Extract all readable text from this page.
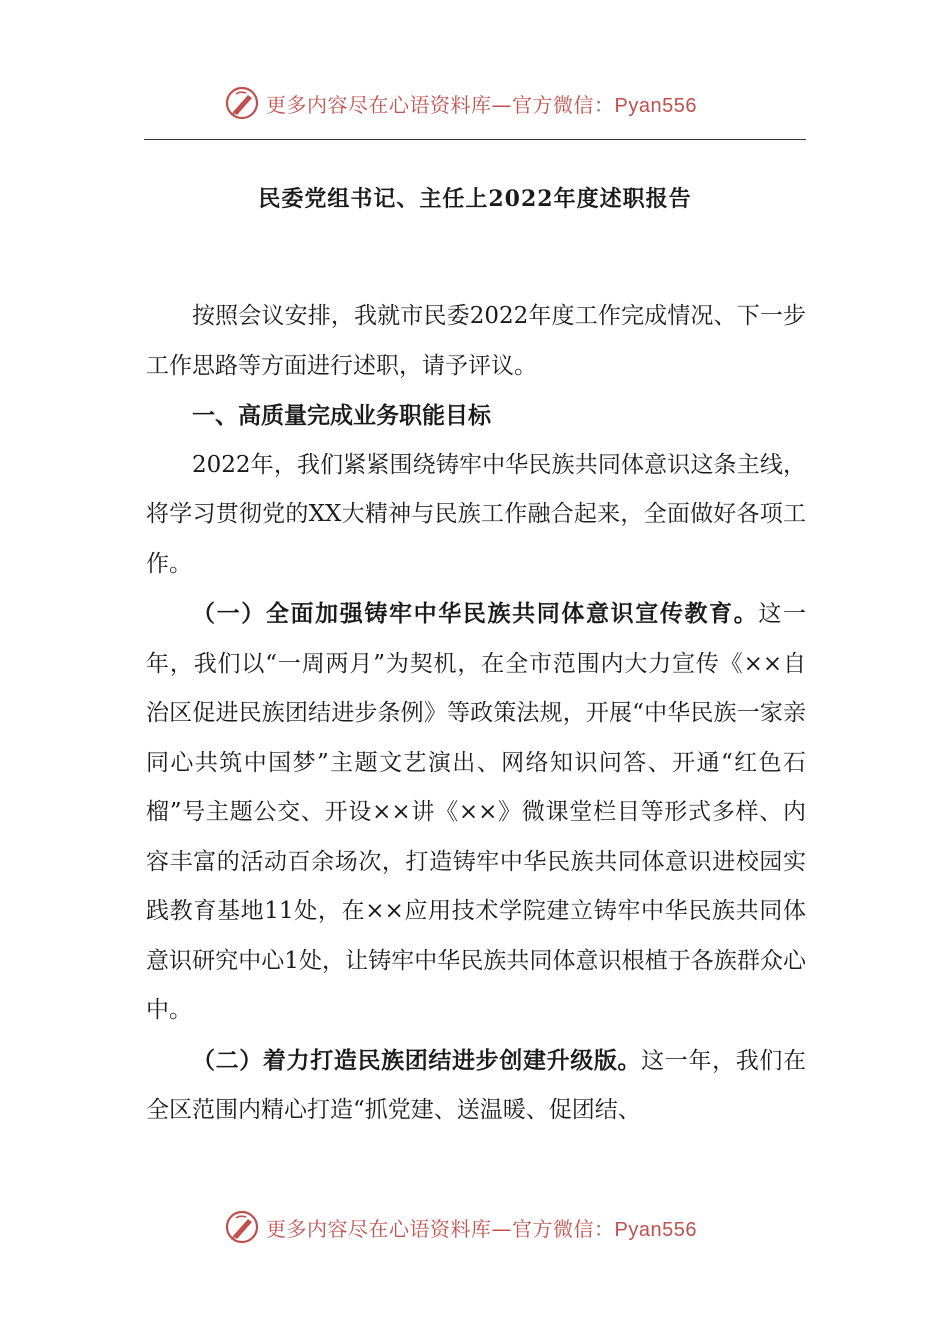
更多内容尽在心语资料库—官方微信：Pyan556
民委党组书记、主任上2022年度述职报告

按照会议安排，我就市民委2022年度工作完成情况、下一步工作思路等方面进行述职，请予评议。

一、高质量完成业务职能目标

2022年，我们紧紧围绕铸牢中华民族共同体意识这条主线，将学习贯彻党的XX大精神与民族工作融合起来，全面做好各项工作。

（一）全面加强铸牢中华民族共同体意识宣传教育。这一年，我们以“一周两月”为契机，在全市范围内大力宣传《××自治区促进民族团结进步条例》等政策法规，开展“中华民族一家亲同心共筑中国梦”主题文艺演出、网络知识问答、开通“红色石榴”号主题公交、开设××讲《××》微课堂栏目等形式多样、内容丰富的活动百余场次，打造铸牢中华民族共同体意识进校园实践教育基地11处，在××应用技术学院建立铸牢中华民族共同体意识研究中心1处，让铸牢中华民族共同体意识根植于各族群众心中。

（二）着力打造民族团结进步创建升级版。这一年，我们在全区范围内精心打造“抓党建、送温暖、促团结、

更多内容尽在心语资料库—官方微信：Pyan556
